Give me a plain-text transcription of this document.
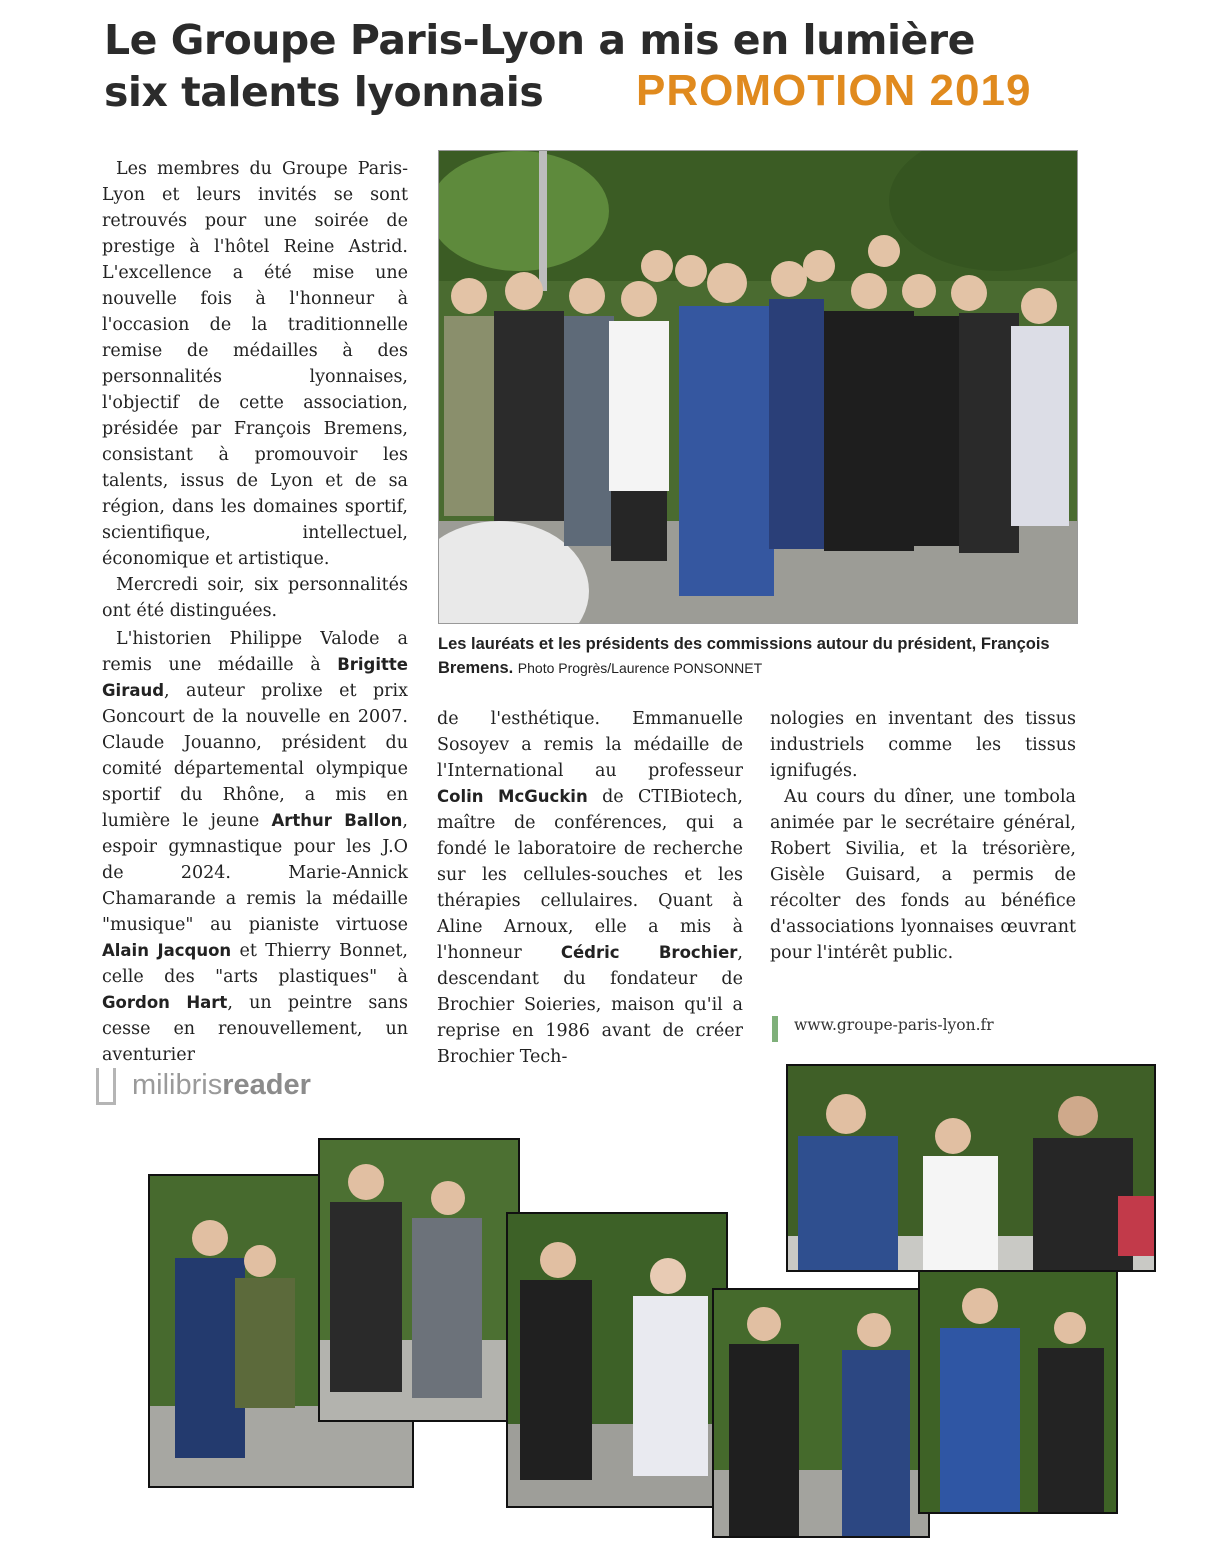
Le Groupe Paris-Lyon a mis en lumière
six talents lyonnais	PROMOTION 2019

Les membres du Groupe Paris-Lyon et leurs invités se sont retrouvés pour une soirée de prestige à l'hôtel Reine Astrid. L'excellence a été mise une nouvelle fois à l'honneur à l'occasion de la traditionnelle remise de médailles à des personnalités lyonnaises, l'objectif de cette association, présidée par François Bremens, consistant à promouvoir les talents, issus de Lyon et de sa région, dans les domaines sportif, scientifique, intellectuel, économique et artistique.

Mercredi soir, six personnalités ont été distinguées.

L'historien Philippe Valode a remis une médaille à Brigitte Giraud, auteur prolixe et prix Goncourt de la nouvelle en 2007. Claude Jouanno, président du comité départemental olympique sportif du Rhône, a mis en lumière le jeune Arthur Ballon, espoir gymnastique pour les J.O de 2024. Marie-Annick Chamarande a remis la médaille "musique" au pianiste virtuose Alain Jacquon et Thierry Bonnet, celle des "arts plastiques" à Gordon Hart, un peintre sans cesse en renouvellement, un aventurier

de l'esthétique. Emmanuelle Sosoyev a remis la médaille de l'International au professeur Colin McGuckin de CTIBiotech, maître de conférences, qui a fondé le laboratoire de recherche sur les cellules-souches et les thérapies cellulaires. Quant à Aline Arnoux, elle a mis à l'honneur Cédric Brochier, descendant du fondateur de Brochier Soieries, maison qu'il a reprise en 1986 avant de créer Brochier Tech-

nologies en inventant des tissus industriels comme les tissus ignifugés.

Au cours du dîner, une tombola animée par le secrétaire général, Robert Sivilia, et la trésorière, Gisèle Guisard, a permis de récolter des fonds au bénéfice d'associations lyonnaises œuvrant pour l'intérêt public.

Les lauréats et les présidents des commissions autour du président, François Bremens. Photo Progrès/Laurence PONSONNET
www.groupe-paris-lyon.fr
milibrisreader
